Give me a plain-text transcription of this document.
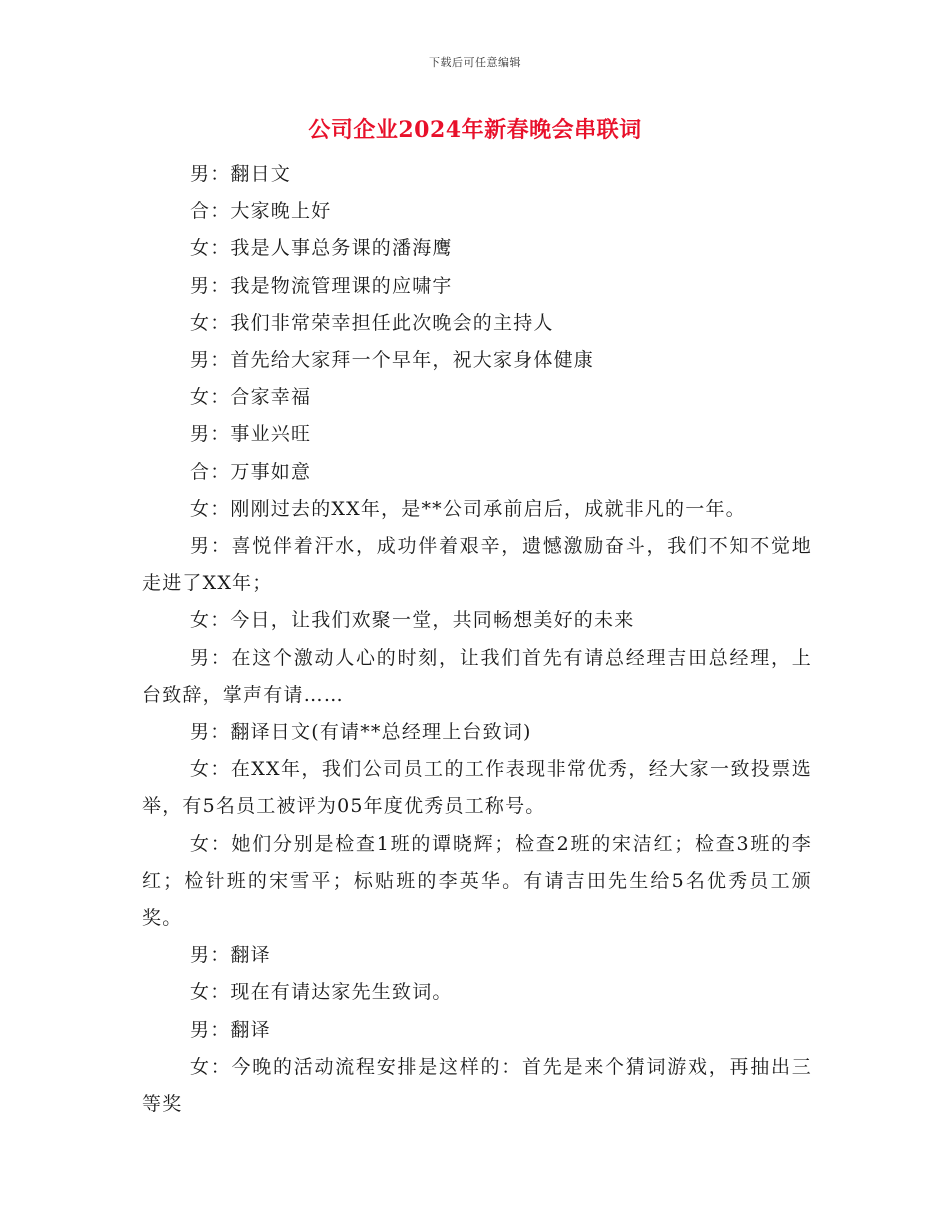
下载后可任意编辑
公司企业2024年新春晚会串联词

男：翻日文

合：大家晚上好

女：我是人事总务课的潘海鹰

男：我是物流管理课的应啸宇

女：我们非常荣幸担任此次晚会的主持人

男：首先给大家拜一个早年，祝大家身体健康

女：合家幸福

男：事业兴旺

合：万事如意

女：刚刚过去的XX年，是**公司承前启后，成就非凡的一年。

男：喜悦伴着汗水，成功伴着艰辛，遗憾激励奋斗，我们不知不觉地走进了XX年；

女：今日，让我们欢聚一堂，共同畅想美好的未来

男：在这个激动人心的时刻，让我们首先有请总经理吉田总经理，上台致辞，掌声有请……

男：翻译日文(有请**总经理上台致词)

女：在XX年，我们公司员工的工作表现非常优秀，经大家一致投票选举，有5名员工被评为05年度优秀员工称号。

女：她们分别是检查1班的谭晓辉；检查2班的宋洁红；检查3班的李红；检针班的宋雪平；标贴班的李英华。有请吉田先生给5名优秀员工颁奖。

男：翻译

女：现在有请达家先生致词。

男：翻译

女：今晚的活动流程安排是这样的：首先是来个猜词游戏，再抽出三等奖
